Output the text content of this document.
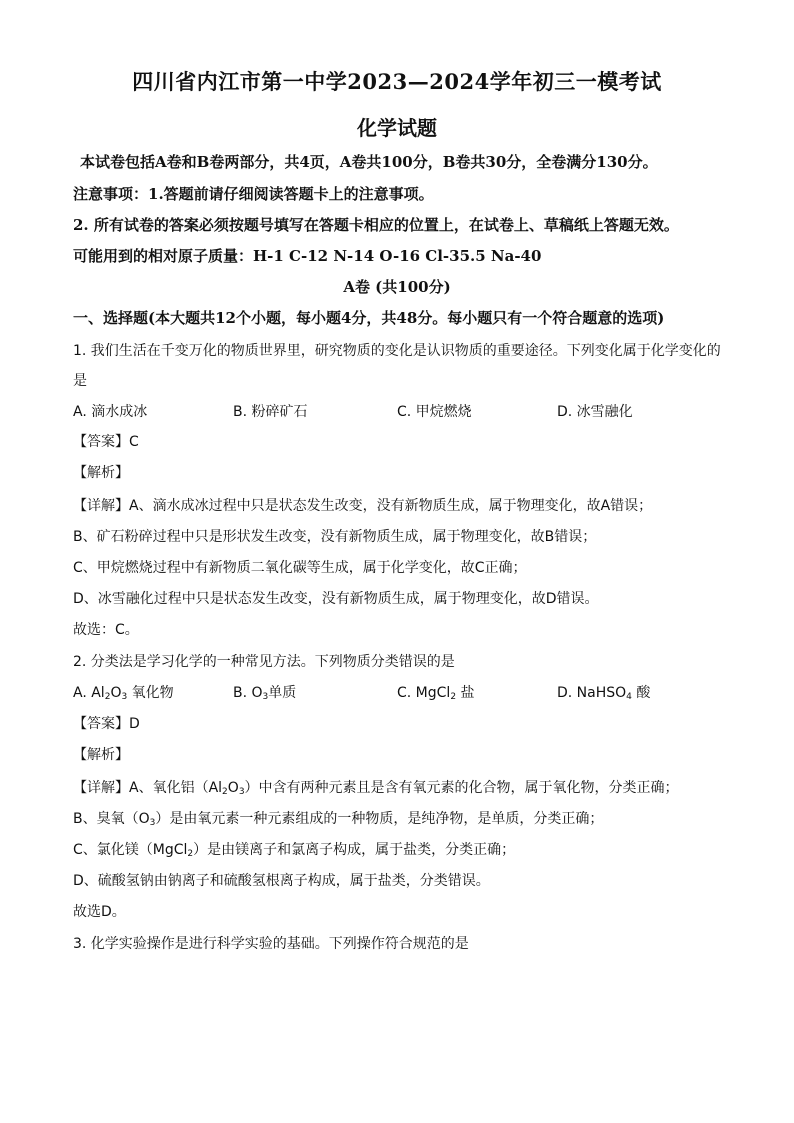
四川省内江市第一中学2023—2024学年初三一模考试
化学试题
本试卷包括A卷和B卷两部分，共4页，A卷共100分，B卷共30分，全卷满分130分。
注意事项：1.答题前请仔细阅读答题卡上的注意事项。
2. 所有试卷的答案必须按题号填写在答题卡相应的位置上，在试卷上、草稿纸上答题无效。
可能用到的相对原子质量：H-1 C-12 N-14 O-16 Cl-35.5 Na-40
A卷 (共100分)
一、选择题(本大题共12个小题，每小题4分，共48分。每小题只有一个符合题意的选项)
1. 我们生活在千变万化的物质世界里，研究物质的变化是认识物质的重要途径。下列变化属于化学变化的
是
A. 滴水成冰	B. 粉碎矿石	C. 甲烷燃烧	D. 冰雪融化
【答案】C
【解析】
【详解】A、滴水成冰过程中只是状态发生改变，没有新物质生成，属于物理变化，故A错误；
B、矿石粉碎过程中只是形状发生改变，没有新物质生成，属于物理变化，故B错误；
C、甲烷燃烧过程中有新物质二氧化碳等生成，属于化学变化，故C正确；
D、冰雪融化过程中只是状态发生改变，没有新物质生成，属于物理变化，故D错误。
故选：C。
2. 分类法是学习化学的一种常见方法。下列物质分类错误的是
A. $Al_2O_3$ 氧化物	B. $O_3$单质	C. MgCl$_2$ 盐	D. NaHSO$_4$ 酸
【答案】D
【解析】
【详解】A、氧化铝$(Al_2O_3)$中含有两种元素且是含有氧元素的化合物，属于氧化物，分类正确；
B、臭氧$(O_3)$是由氧元素一种元素组成的一种物质，是纯净物，是单质，分类正确；
C、氯化镁（MgCl$_2$）是由镁离子和氯离子构成，属于盐类，分类正确；
D、硫酸氢钠由钠离子和硫酸氢根离子构成，属于盐类，分类错误。
故选D。
3. 化学实验操作是进行科学实验的基础。下列操作符合规范的是
